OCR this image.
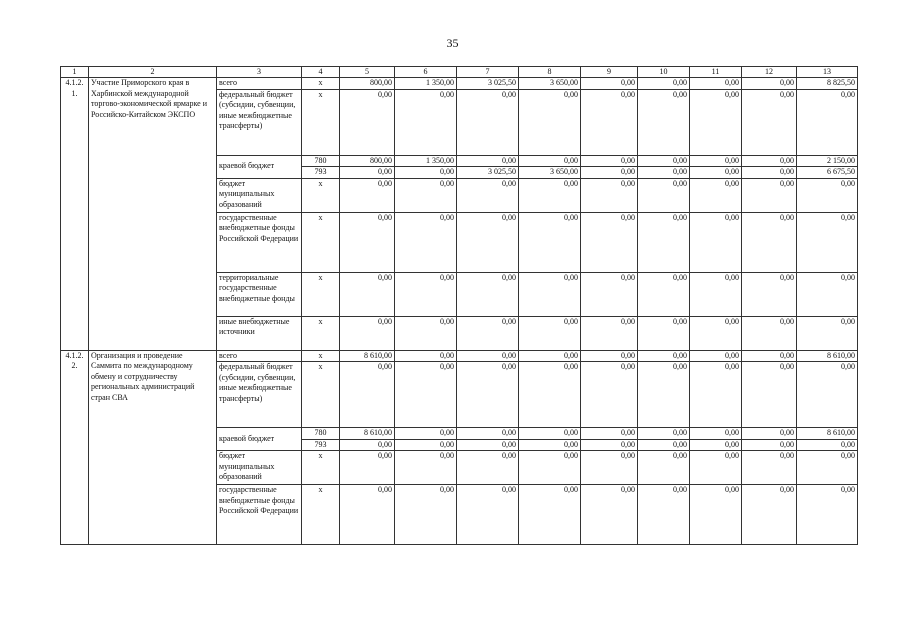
35
1	2	3	4	5	6	7	8	9	10	11	12	13
4.1.2. 1.	Участие Приморского края в Харбинской международной торгово-экономической ярмарке и Российско-Китайском ЭКСПО	всего	x	800,00	1 350,00	3 025,50	3 650,00	0,00	0,00	0,00	0,00	8 825,50
		федеральный бюджет (субсидии, субвенции, иные межбюджетные трансферты)	x	0,00	0,00	0,00	0,00	0,00	0,00	0,00	0,00	0,00
		краевой бюджет	780	800,00	1 350,00	0,00	0,00	0,00	0,00	0,00	0,00	2 150,00
			793	0,00	0,00	3 025,50	3 650,00	0,00	0,00	0,00	0,00	6 675,50
		бюджет муниципальных образований	x	0,00	0,00	0,00	0,00	0,00	0,00	0,00	0,00	0,00
		государственные внебюджетные фонды Российской Федерации	x	0,00	0,00	0,00	0,00	0,00	0,00	0,00	0,00	0,00
		территориальные государственные внебюджетные фонды	x	0,00	0,00	0,00	0,00	0,00	0,00	0,00	0,00	0,00
		иные внебюджетные источники	x	0,00	0,00	0,00	0,00	0,00	0,00	0,00	0,00	0,00
4.1.2. 2.	Организация и проведение Саммита по международному обмену и сотрудничеству региональных администраций стран СВА	всего	x	8 610,00	0,00	0,00	0,00	0,00	0,00	0,00	0,00	8 610,00
		федеральный бюджет (субсидии, субвенции, иные межбюджетные трансферты)	x	0,00	0,00	0,00	0,00	0,00	0,00	0,00	0,00	0,00
		краевой бюджет	780	8 610,00	0,00	0,00	0,00	0,00	0,00	0,00	0,00	8 610,00
			793	0,00	0,00	0,00	0,00	0,00	0,00	0,00	0,00	0,00
		бюджет муниципальных образований	x	0,00	0,00	0,00	0,00	0,00	0,00	0,00	0,00	0,00
		государственные внебюджетные фонды Российской Федерации	x	0,00	0,00	0,00	0,00	0,00	0,00	0,00	0,00	0,00
